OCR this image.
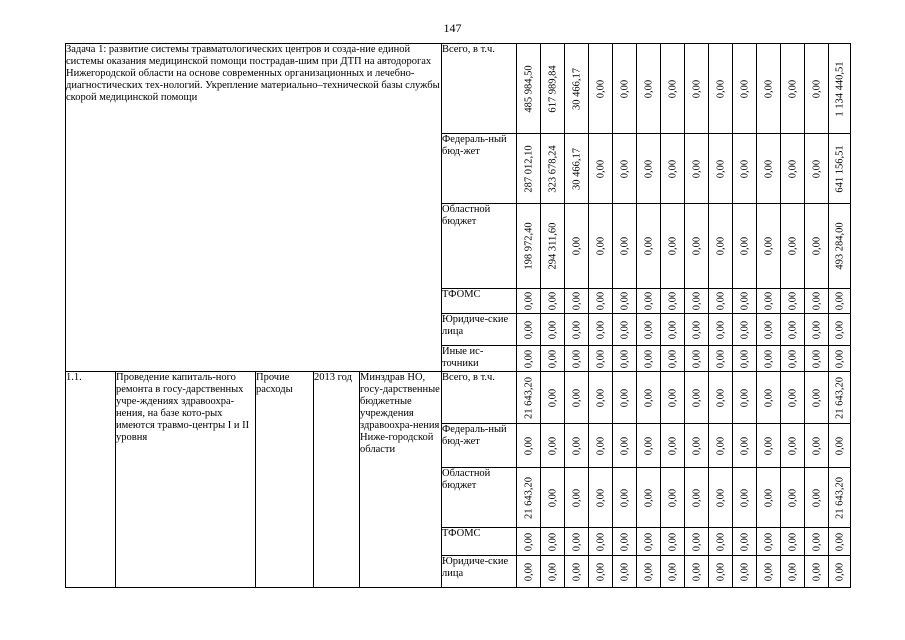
147
Задача 1: развитие системы травматологических центров и созда-ние единой системы оказания медицинской помощи пострадав-шим при ДТП на автодорогах Нижегородской области на основе современных организационных и лечебно-диагностических тех-нологий. Укрепление материально–технической базы службы скорой медицинской помощи					Всего, в т.ч.	485 984,50	617 989,84	30 466,17	0,00	0,00	0,00	0,00	0,00	0,00	0,00	0,00	0,00	0,00	1 134 440,51

					Федераль-ный бюд-жет	287 012,10	323 678,24	30 466,17	0,00	0,00	0,00	0,00	0,00	0,00	0,00	0,00	0,00	0,00	641 156,51

					Областной бюджет	198 972,40	294 311,60	0,00	0,00	0,00	0,00	0,00	0,00	0,00	0,00	0,00	0,00	0,00	493 284,00

					ТФОМС	0,00	0,00	0,00	0,00	0,00	0,00	0,00	0,00	0,00	0,00	0,00	0,00	0,00	0,00

					Юридиче-ские лица	0,00	0,00	0,00	0,00	0,00	0,00	0,00	0,00	0,00	0,00	0,00	0,00	0,00	0,00

					Иные ис-точники	0,00	0,00	0,00	0,00	0,00	0,00	0,00	0,00	0,00	0,00	0,00	0,00	0,00	0,00

1.1.	Проведение капиталь-ного ремонта в госу-дарственных учре-ждениях здравоохра-нения, на базе кото-рых имеются травмо-центры I и II уровня	Прочие расходы	2013 год	Минздрав НО, госу-дарственные бюджетные учреждения здравоохра-нения Ниже-городской области	Всего, в т.ч.	21 643,20	0,00	0,00	0,00	0,00	0,00	0,00	0,00	0,00	0,00	0,00	0,00	0,00	21 643,20

					Федераль-ный бюд-жет	0,00	0,00	0,00	0,00	0,00	0,00	0,00	0,00	0,00	0,00	0,00	0,00	0,00	0,00

					Областной бюджет	21 643,20	0,00	0,00	0,00	0,00	0,00	0,00	0,00	0,00	0,00	0,00	0,00	0,00	21 643,20

					ТФОМС	0,00	0,00	0,00	0,00	0,00	0,00	0,00	0,00	0,00	0,00	0,00	0,00	0,00	0,00

					Юридиче-ские лица	0,00	0,00	0,00	0,00	0,00	0,00	0,00	0,00	0,00	0,00	0,00	0,00	0,00	0,00
